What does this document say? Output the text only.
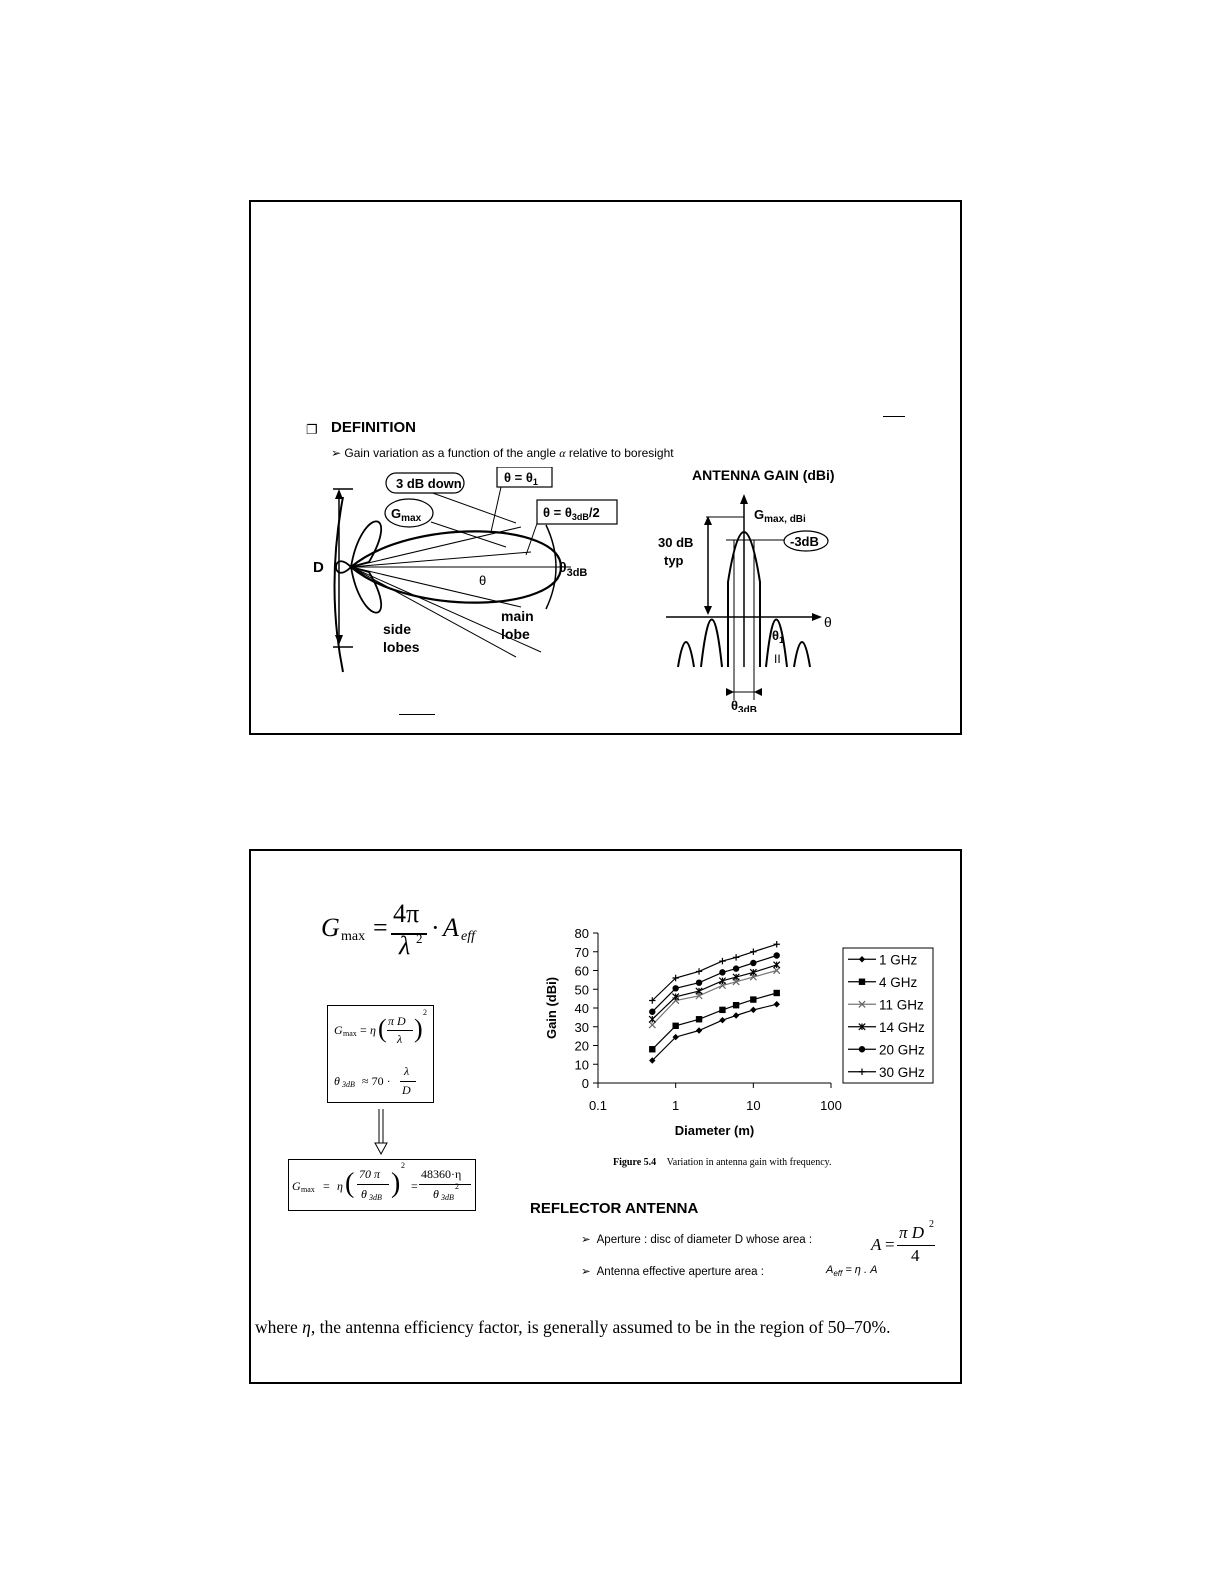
❐ DEFINITION
➢ Gain variation as a function of the angle α relative to boresight
3 dB down	$\theta = \theta_1$
$\theta = \theta_{3dB}/2$
$G_{max}$
D
θ
$\theta_{3dB}$
side
lobes
main
lobe
ANTENNA GAIN (dBi)
$G_{max, dBi}$
-3dB
30 dB
typ
θ
$\theta_1$
II
$\theta_{3dB}$
G max = 4π
λ 2 · A eff
G max = η ( π D
λ )
2
θ 3dB ≈ 70 ·
λ
D
G max = η ( 70 π
θ 3dB )
2
=
48360·η
θ 3dB
2
0
10
20
30
40
50
60
70
80
0.1	1	10	100
Gain (dBi)
Diameter (m)
1 GHz
4 GHz
11 GHz
14 GHz
20 GHz
30 GHz
Figure 5.4 Variation in antenna gain with frequency.
REFLECTOR ANTENNA
➢ Aperture : disc of diameter D whose area :
➢ Antenna effective aperture area :
A =
π D 2
4
$A_{eff} = \eta$ . A
where η, the antenna efficiency factor, is generally assumed to be in the region of 50–70%.
